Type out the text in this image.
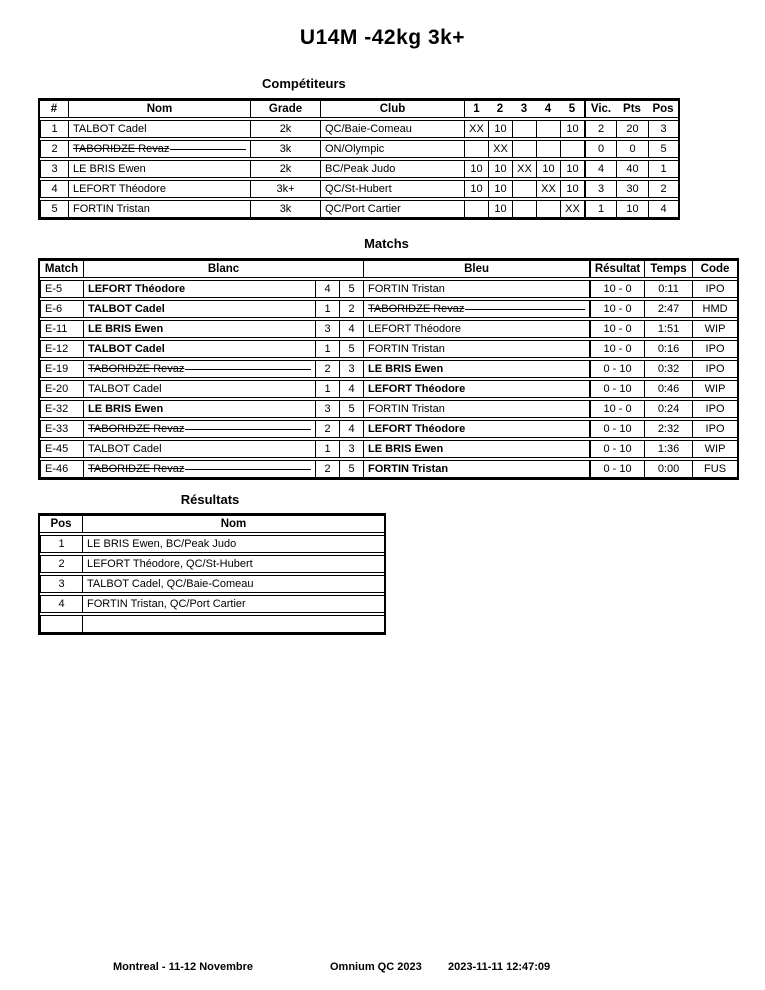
U14M -42kg 3k+
Compétiteurs
#	Nom	Grade	Club	1	2	3	4	5	Vic.	Pts	Pos
1	TALBOT Cadel	2k	QC/Baie-Comeau	XX	10			10	2	20	3
2	TABORIDZE Revaz	3k	ON/Olympic		XX				0	0	5
3	LE BRIS Ewen	2k	BC/Peak Judo	10	10	XX	10	10	4	40	1
4	LEFORT Théodore	3k+	QC/St-Hubert	10	10		XX	10	3	30	2
5	FORTIN Tristan	3k	QC/Port Cartier		10			XX	1	10	4
Matchs
Match	Blanc			Bleu	Résultat	Temps	Code
E-5	LEFORT Théodore	4	5	FORTIN Tristan	10 - 0	0:11	IPO
E-6	TALBOT Cadel	1	2	TABORIDZE Revaz	10 - 0	2:47	HMD
E-11	LE BRIS Ewen	3	4	LEFORT Théodore	10 - 0	1:51	WIP
E-12	TALBOT Cadel	1	5	FORTIN Tristan	10 - 0	0:16	IPO
E-19	TABORIDZE Revaz	2	3	LE BRIS Ewen	0 - 10	0:32	IPO
E-20	TALBOT Cadel	1	4	LEFORT Théodore	0 - 10	0:46	WIP
E-32	LE BRIS Ewen	3	5	FORTIN Tristan	10 - 0	0:24	IPO
E-33	TABORIDZE Revaz	2	4	LEFORT Théodore	0 - 10	2:32	IPO
E-45	TALBOT Cadel	1	3	LE BRIS Ewen	0 - 10	1:36	WIP
E-46	TABORIDZE Revaz	2	5	FORTIN Tristan	0 - 10	0:00	FUS
Résultats
Pos	Nom
1	LE BRIS Ewen, BC/Peak Judo
2	LEFORT Théodore, QC/St-Hubert
3	TALBOT Cadel, QC/Baie-Comeau
4	FORTIN Tristan, QC/Port Cartier

Montreal - 11-12 Novembre	Omnium QC 2023 2023-11-11 12:47:09
